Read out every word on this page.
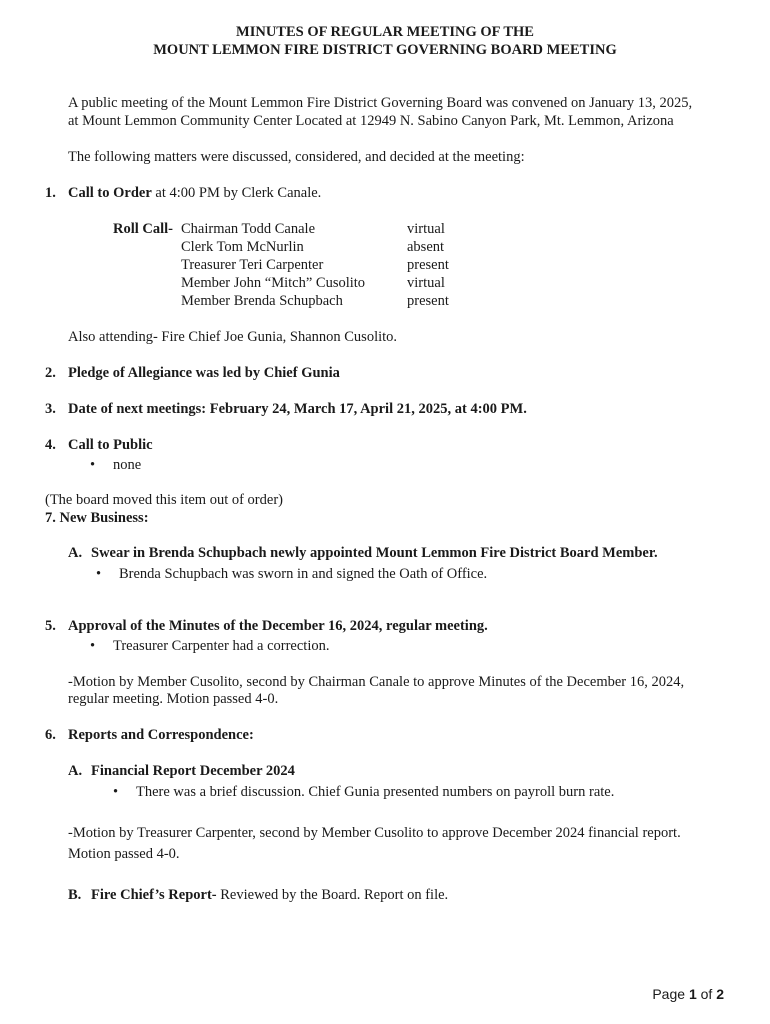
MINUTES OF REGULAR MEETING OF THE
MOUNT LEMMON FIRE DISTRICT GOVERNING BOARD MEETING
A public meeting of the Mount Lemmon Fire District Governing Board was convened on January 13, 2025,
at Mount Lemmon Community Center Located at 12949 N. Sabino Canyon Park, Mt. Lemmon, Arizona
The following matters were discussed, considered, and decided at the meeting:
1. Call to Order at 4:00 PM by Clerk Canale.
Roll Call- Chairman Todd Canale	virtual
Clerk Tom McNurlin	absent
Treasurer Teri Carpenter	present
Member John “Mitch” Cusolito	virtual
Member Brenda Schupbach	present
Also attending- Fire Chief Joe Gunia, Shannon Cusolito.
2. Pledge of Allegiance was led by Chief Gunia
3. Date of next meetings: February 24, March 17, April 21, 2025, at 4:00 PM.
4. Call to Public
• none
(The board moved this item out of order)
7. New Business:
A. Swear in Brenda Schupbach newly appointed Mount Lemmon Fire District Board Member.
• Brenda Schupbach was sworn in and signed the Oath of Office.
5. Approval of the Minutes of the December 16, 2024, regular meeting.
• Treasurer Carpenter had a correction.
-Motion by Member Cusolito, second by Chairman Canale to approve Minutes of the December 16, 2024,
regular meeting. Motion passed 4-0.
6. Reports and Correspondence:
A. Financial Report December 2024
• There was a brief discussion. Chief Gunia presented numbers on payroll burn rate.
-Motion by Treasurer Carpenter, second by Member Cusolito to approve December 2024 financial report.
Motion passed 4-0.
B. Fire Chief’s Report- Reviewed by the Board. Report on file.
Page 1 of 2
